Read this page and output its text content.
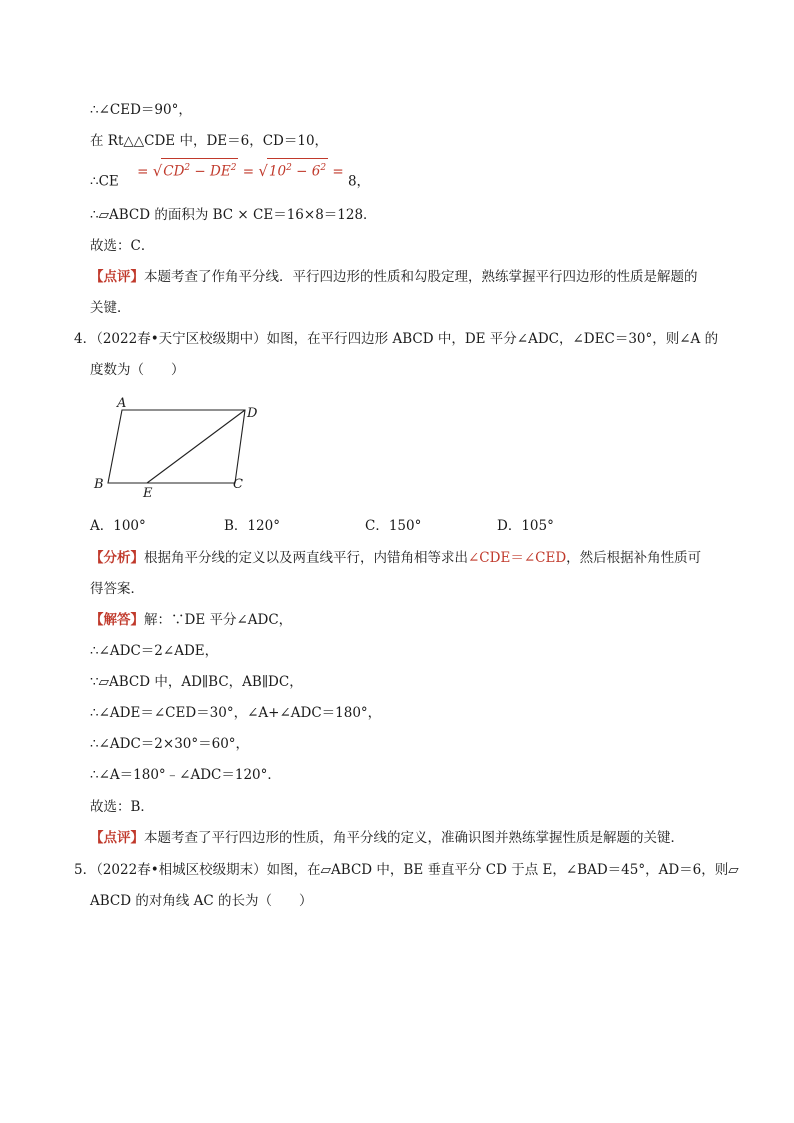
∴∠CED＝90°，
在 Rt△△CDE 中，DE＝6，CD＝10，
∴CE = $√CD^2 - DE^2 = √10^2 - 6^2 = 8$，
∴▱ABCD 的面积为 BC × CE＝16×8＝128．
故选：C．
【点评】本题考查了作角平分线．平行四边形的性质和勾股定理，熟练掌握平行四边形的性质是解题的
关键．
4．（2022春•天宁区校级期中）如图，在平行四边形 ABCD 中，DE 平分∠ADC，∠DEC＝30°，则∠A 的
度数为（　　）
A
D
B
E
C
A．100°	B．120°	C．150°	D．105°
【分析】根据角平分线的定义以及两直线平行，内错角相等求出∠CDE＝∠CED，然后根据补角性质可
得答案．
【解答】解：∵DE 平分∠ADC，
∴∠ADC＝2∠ADE，
∵▱ABCD 中，AD∥BC，AB∥DC，
∴∠ADE＝∠CED＝30°，∠A+∠ADC＝180°，
∴∠ADC＝2×30°＝60°，
∴∠A＝180°﹣∠ADC＝120°．
故选：B．
【点评】本题考查了平行四边形的性质，角平分线的定义，准确识图并熟练掌握性质是解题的关键．
5．（2022春•相城区校级期末）如图，在▱ABCD 中，BE 垂直平分 CD 于点 E，∠BAD＝45°，AD＝6，则▱
ABCD 的对角线 AC 的长为（　　）
